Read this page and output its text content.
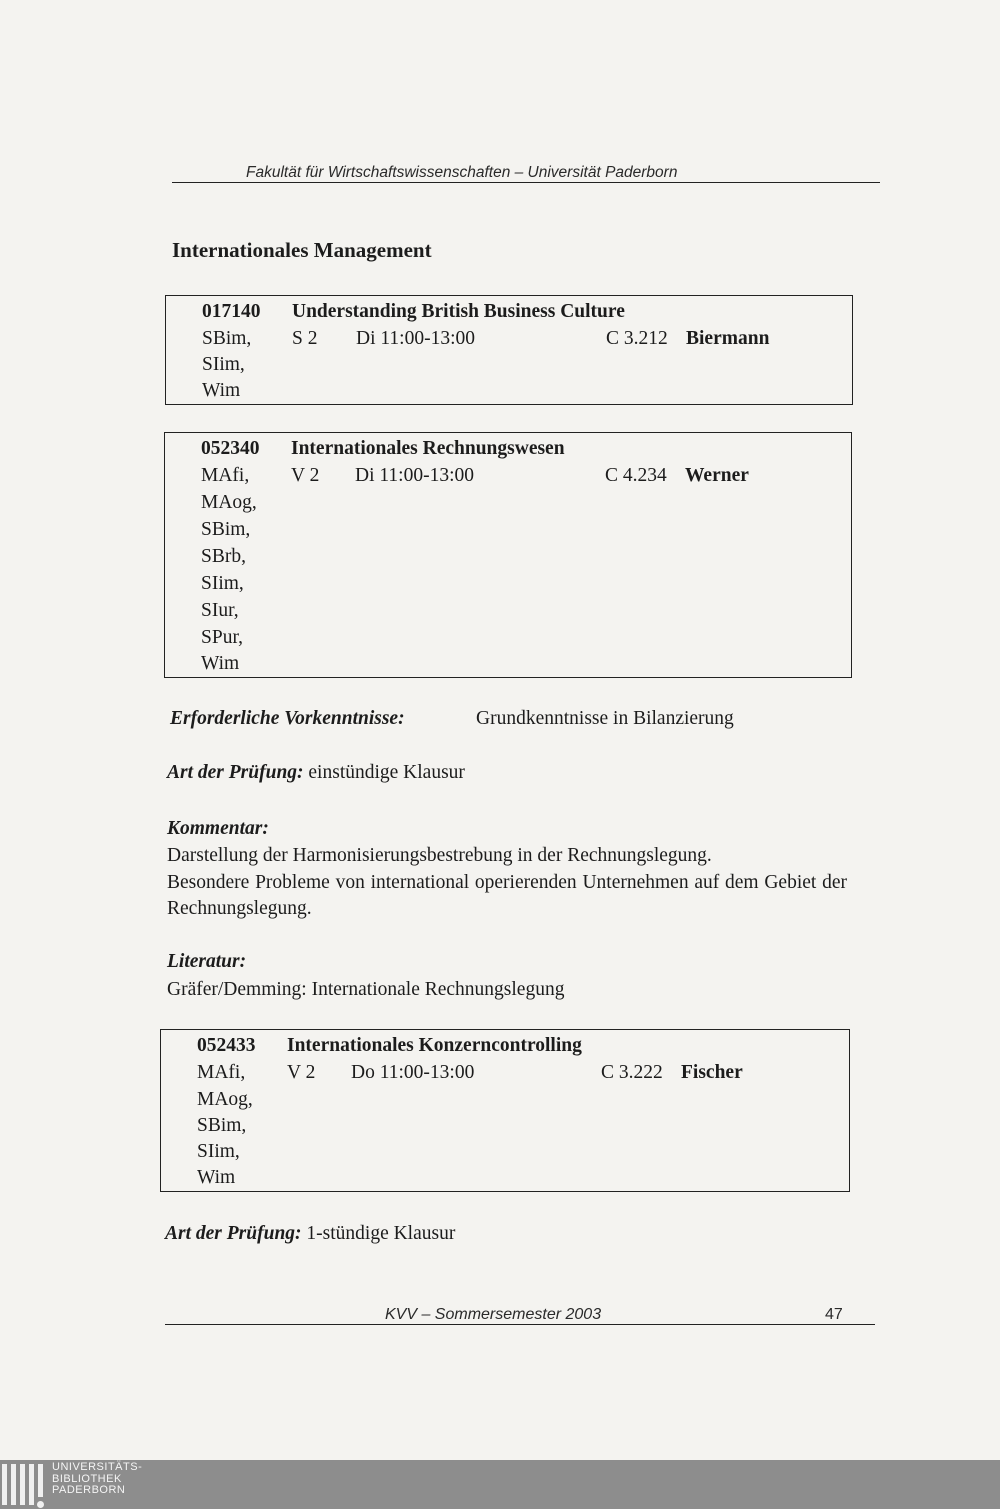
Fakultät für Wirtschaftswissenschaften – Universität Paderborn
Internationales Management
017140 Understanding British Business Culture
SBim, S 2 Di 11:00-13:00	C 3.212 Biermann
SIim,
Wim
052340 Internationales Rechnungswesen
MAfi, V 2 Di 11:00-13:00	C 4.234 Werner
MAog,
SBim,
SBrb,
SIim,
SIur,
SPur,
Wim
Erforderliche Vorkenntnisse:	Grundkenntnisse in Bilanzierung
Art der Prüfung: einstündige Klausur
Kommentar:
Darstellung der Harmonisierungsbestrebung in der Rechnungslegung.
Besondere Probleme von international operierenden Unternehmen auf dem Gebiet der Rechnungslegung.
Literatur:
Gräfer/Demming: Internationale Rechnungslegung
052433 Internationales Konzerncontrolling
MAfi, V 2 Do 11:00-13:00	C 3.222 Fischer
MAog,
SBim,
SIim,
Wim
Art der Prüfung: 1-stündige Klausur
KVV – Sommersemester 2003	47
UNIVERSITÄTS-
BIBLIOTHEK
PADERBORN
